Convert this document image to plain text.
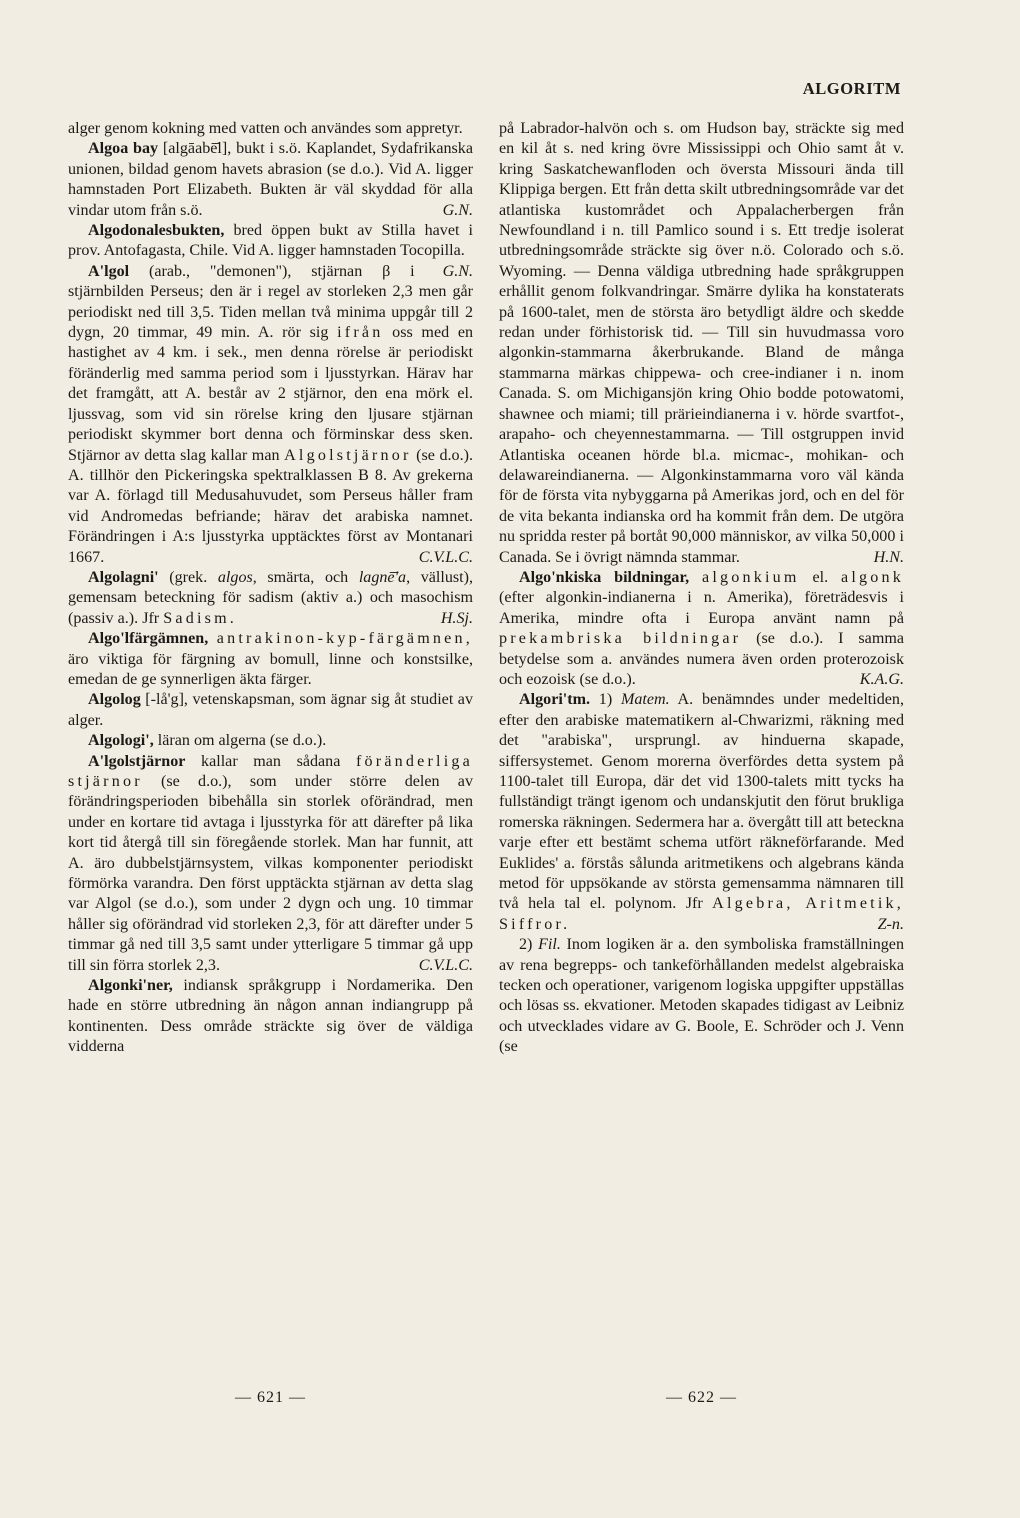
ALGORITM

alger genom kokning med vatten och användes som appretyr.

Algoa bay [algāabē̄l], bukt i s.ö. Kaplandet, Sydafrikanska unionen, bildad genom havets abrasion (se d.o.). Vid A. ligger hamnstaden Port Elizabeth. Bukten är väl skyddad för alla vindar utom från s.ö.	G.N.

Algodonalesbukten, bred öppen bukt av Stilla havet i prov. Antofagasta, Chile. Vid A. ligger hamnstaden Tocopilla.
G.N.

A'lgol (arab., "demonen"), stjärnan β i stjärnbilden Perseus; den är i regel av storleken 2,3 men går periodiskt ned till 3,5. Tiden mellan två minima uppgår till 2 dygn, 20 timmar, 49 min. A. rör sig ifrån oss med en hastighet av 4 km. i sek., men denna rörelse är periodiskt föränderlig med samma period som i ljusstyrkan. Härav har det framgått, att A. består av 2 stjärnor, den ena mörk el. ljussvag, som vid sin rörelse kring den ljusare stjärnan periodiskt skymmer bort denna och förminskar dess sken. Stjärnor av detta slag kallar man Algolstjärnor (se d.o.). A. tillhör den Pickeringska spektralklassen B 8. Av grekerna var A. förlagd till Medusahuvudet, som Perseus håller fram vid Andromedas befriande; härav det arabiska namnet. Förändringen i A:s ljusstyrka upptäcktes först av Montanari 1667.	C.V.L.C.

Algolagni' (grek. algos, smärta, och lagnē̄'a, vällust), gemensam beteckning för sadism (aktiv a.) och masochism (passiv a.). Jfr Sadism.	H.Sj.

Algo'lfärgämnen, antrakinon-kyp-färgämnen, äro viktiga för färgning av bomull, linne och konstsilke, emedan de ge synnerligen äkta färger.

Algolog [-lå'g], vetenskapsman, som ägnar sig åt studiet av alger.

Algologi', läran om algerna (se d.o.).

A'lgolstjärnor kallar man sådana föränderliga stjärnor (se d.o.), som under större delen av förändringsperioden bibehålla sin storlek oförändrad, men under en kortare tid avtaga i ljusstyrka för att därefter på lika kort tid återgå till sin föregående storlek. Man har funnit, att A. äro dubbelstjärnsystem, vilkas komponenter periodiskt förmörka varandra. Den först upptäckta stjärnan av detta slag var Algol (se d.o.), som under 2 dygn och ung. 10 timmar håller sig oförändrad vid storleken 2,3, för att därefter under 5 timmar gå ned till 3,5 samt under ytterligare 5 timmar gå upp till sin förra storlek 2,3.	C.V.L.C.

Algonki'ner, indiansk språkgrupp i Nordamerika. Den hade en större utbredning än någon annan indiangrupp på kontinenten. Dess område sträckte sig över de väldiga vidderna

på Labrador-halvön och s. om Hudson bay, sträckte sig med en kil åt s. ned kring övre Mississippi och Ohio samt åt v. kring Saskatchewanfloden och översta Missouri ända till Klippiga bergen. Ett från detta skilt utbredningsområde var det atlantiska kustområdet och Appalacherbergen från Newfoundland i n. till Pamlico sound i s. Ett tredje isolerat utbredningsområde sträckte sig över n.ö. Colorado och s.ö. Wyoming. — Denna väldiga utbredning hade språkgruppen erhållit genom folkvandringar. Smärre dylika ha konstaterats på 1600-talet, men de största äro betydligt äldre och skedde redan under förhistorisk tid. — Till sin huvudmassa voro algonkin-stammarna åkerbrukande. Bland de många stammarna märkas chippewa- och cree-indianer i n. inom Canada. S. om Michigansjön kring Ohio bodde potowatomi, shawnee och miami; till prärieindianerna i v. hörde svartfot-, arapaho- och cheyennestammarna. — Till ostgruppen invid Atlantiska oceanen hörde bl.a. micmac-, mohikan- och delawareindianerna. — Algonkinstammarna voro väl kända för de första vita nybyggarna på Amerikas jord, och en del för de vita bekanta indianska ord ha kommit från dem. De utgöra nu spridda rester på bortåt 90,000 människor, av vilka 50,000 i Canada. Se i övrigt nämnda stammar.	H.N.

Algo'nkiska bildningar, algonkium el. algonk (efter algonkin-indianerna i n. Amerika), företrädesvis i Amerika, mindre ofta i Europa använt namn på prekambriska bildningar (se d.o.). I samma betydelse som a. användes numera även orden proterozoisk och eozoisk (se d.o.).	K.A.G.

Algori'tm. 1) Matem. A. benämndes under medeltiden, efter den arabiske matematikern al-Chwarizmi, räkning med det "arabiska", ursprungl. av hinduerna skapade, siffersystemet. Genom morerna överfördes detta system på 1100-talet till Europa, där det vid 1300-talets mitt tycks ha fullständigt trängt igenom och undanskjutit den förut brukliga romerska räkningen. Sedermera har a. övergått till att beteckna varje efter ett bestämt schema utfört räkneförfarande. Med Euklides' a. förstås sålunda aritmetikens och algebrans kända metod för uppsökande av största gemensamma nämnaren till två hela tal el. polynom. Jfr Algebra, Aritmetik, Siffror.	Z-n.

2) Fil. Inom logiken är a. den symboliska framställningen av rena begrepps- och tankeförhållanden medelst algebraiska tecken och operationer, varigenom logiska uppgifter uppställas och lösas ss. ekvationer. Metoden skapades tidigast av Leibniz och utvecklades vidare av G. Boole, E. Schröder och J. Venn (se

— 621 —	— 622 —
